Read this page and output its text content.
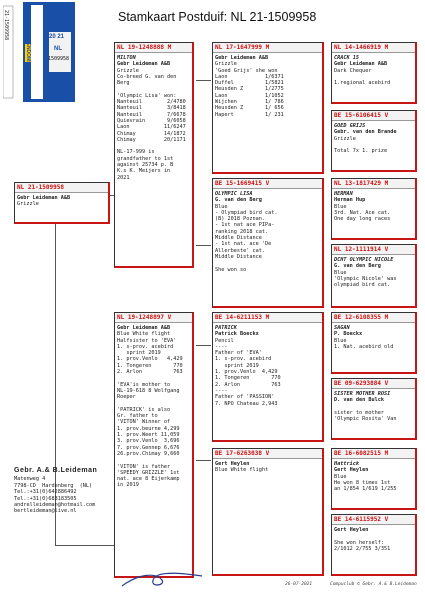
Stamkaart Postduif: NL 21-1509958
EIGENDOMSBEWIJS VAN	20 21
NL
1509958
21-1509958
NL 21-1509958
Gebr Leideman A&B
Grizzle
NL 19-1248888 M
MILTON
Gebr Leideman A&B
Grizzle
Co-breed G. van den
Berg

'Olympic Lisa' won:
Nanteuil        2/4780
Nanteuil        3/8418
Nanteuil        7/6678
Quievrain       9/6058
Laon           11/6247
Chimay         14/1872
Chimay         20/1171

NL-17-999 is
grandfather to 1st
against 25734 p. B
K.s K. Meijers in
2021
NL 19-1248897 V
Gebr Leideman A&B
Blue White flight
Halfsister to 'EVA'
1. s-prov. acebird
sprint 2019
1. prov.Venlo   4,429
1. Tongeren       770
2. Arlon          763

'EVA'is mother to
NL-19-618 8 Wolfgang
Roeper

'PATRICK' is also
Gr. father to
'VITON' Winner of
1. prov.beurne 4,299
1. prov.Weert 11,059
3. prov.Venlo  3,696
7. prov.Gennep 6,676
26.prov.Chimay 9,660

'VITON' is father
'SPEEDY GRIZZLE' 1st
nat. ace 8 Eijerkamp
in 2019
NL 17-1647999 M
Gebr Leideman A&B
Grizzle
'Goed Grijs' she won
Laon            1/6371
Duffel          1/5821
Heusden Z       1/2775
Laon            1/1052
Wijchen         1/ 786
Heusden Z       1/ 656
Hapert          1/ 231
BE 15-1669415 V
OLYMPIC LISA
G. van den Berg
Blue
- Olympiad bird cat.
(B) 2018 Poznan.
- 1st nat ace PIPa-
ranking 2018 cat.
Middle Distance
- 1st nat. ace 'De
Allerbeste' cat.
Middle Distance

She won so
BE 14-6211153 M
PATRICK
Patrick Boeckx
Pencil
----
Father of 'EVA'
1. s-prov. acebird
sprint 2019
1. prov.Venlo  4,429
1. Tongeren       770
2. Arlon          763
----
Father of 'PASSION'
7. NPO Chateau 2,943
BE 17-6263038 V
Gert Heylen
Blue White flight
NL 14-1466919 M
CRACK 15
Gebr Leideman A&B
Dark Chequer

1.regional acebird
BE 15-6106415 V
GOED GRIJS
Gebr. van den Brande
Grizzle

Total 7x 1. prize
NL 13-1817429 M
HERMAN
Herman Hup
Blue
3rd. Nat. Ace cat.
One day long races
NL 12-1111914 V
DCHT OLYMPIC NICOLE
G. van den Berg
Blue
'Olympic Nicole' was
olympiad bird cat.
BE 12-6108355 M
SAGAN
P. Boeckx
Blue
1. Nat. acebird old
BE 09-6293884 V
SISTER MOTHER ROSI
D. van den Bulck

sister to mother
'Olympic Rosita' Van
BE 16-6082515 M
Hattrick
Gert Heylen
Blue
He won 8 times 1st
an 1/854 1/619 1/255
BE 14-6115952 V
Gert Heylen

She won herself:
2/1012 2/755 3/351
Gebr. A.& B.Leideman
Matenweg 4
7798-CD  Hardenberg  (NL)
Tel.:+31(0)642886492
Tel.:+31(0)683183505
andrelleideman@hotmail.com
bertleideman@live.nl
26-07-2021	Compuclub © Gebr. A.& B.Leideman
